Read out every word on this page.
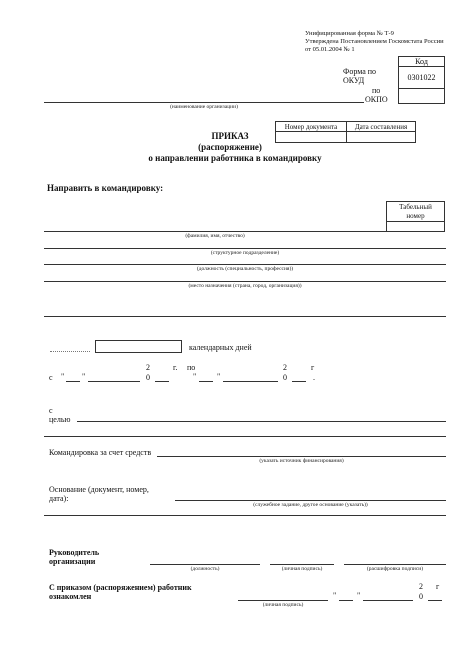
Унифицированная форма № Т-9
Утверждена Постановлением Госкомстата России
от 05.01.2004 № 1
Код
0301022
Форма по
ОКУД
по
ОКПО
(наименование организации)
Номер документа	Дата составления
ПРИКАЗ
(распоряжение)
о направлении работника в командировку
Направить в командировку:
Табельный
номер
(фамилия, имя, отчество)
(структурное подразделение)
(должность (специальность, профессия))
(место назначения (страна, город, организация))
календарных дней
2	г. по	2	г
с " "	0	"	"	0	.
с
целью
Командировка за счет средств
(указать источник финансирования)
Основание (документ, номер,
дата):
(служебное задание, другое основание (указать))
Руководитель
организации
(должность)	(личная подпись)	(расшифровка подписи)
С приказом (распоряжением) работник
ознакомлен
2 г
(личная подпись)
"	"	0
